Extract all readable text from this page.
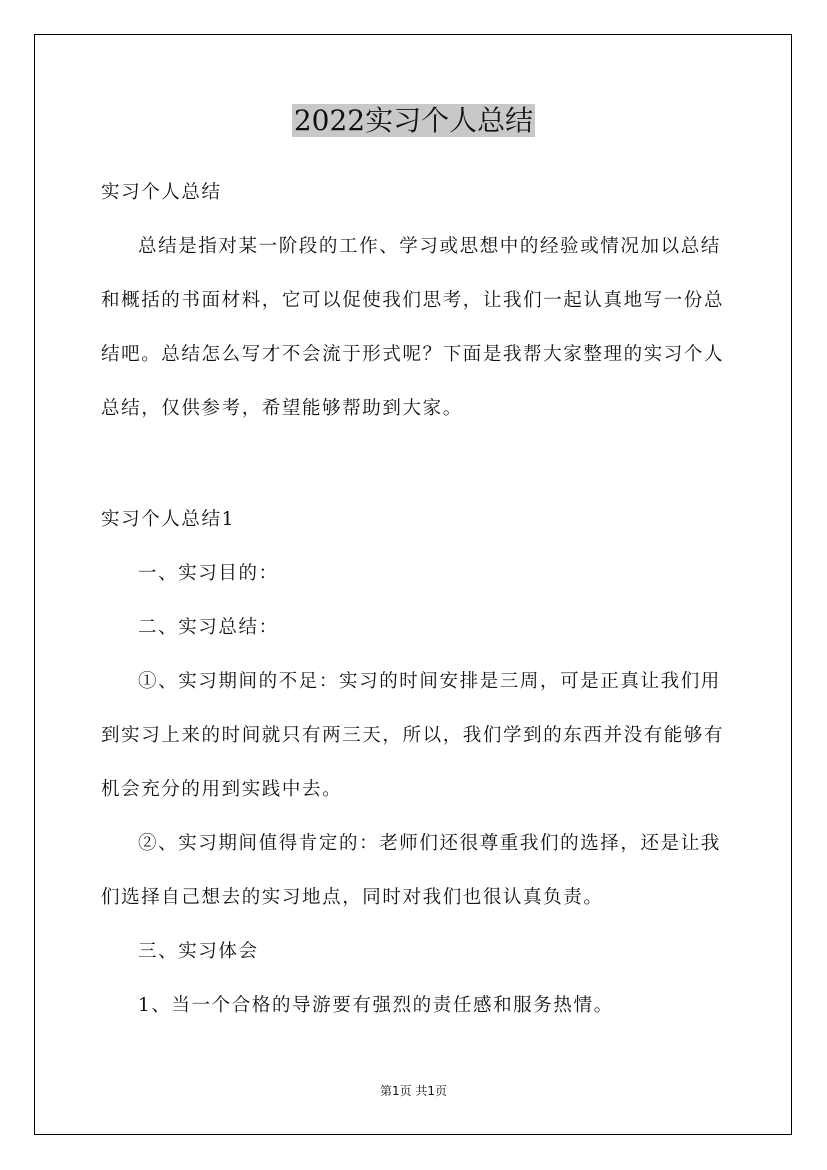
2022实习个人总结

实习个人总结

总结是指对某一阶段的工作、学习或思想中的经验或情况加以总结和概括的书面材料，它可以促使我们思考，让我们一起认真地写一份总结吧。总结怎么写才不会流于形式呢？下面是我帮大家整理的实习个人总结，仅供参考，希望能够帮助到大家。

实习个人总结1

一、实习目的：

二、实习总结：

①、实习期间的不足：实习的时间安排是三周，可是正真让我们用到实习上来的时间就只有两三天，所以，我们学到的东西并没有能够有机会充分的用到实践中去。

②、实习期间值得肯定的：老师们还很尊重我们的选择，还是让我们选择自己想去的实习地点，同时对我们也很认真负责。

三、实习体会

1、当一个合格的导游要有强烈的责任感和服务热情。

第1页 共1页
